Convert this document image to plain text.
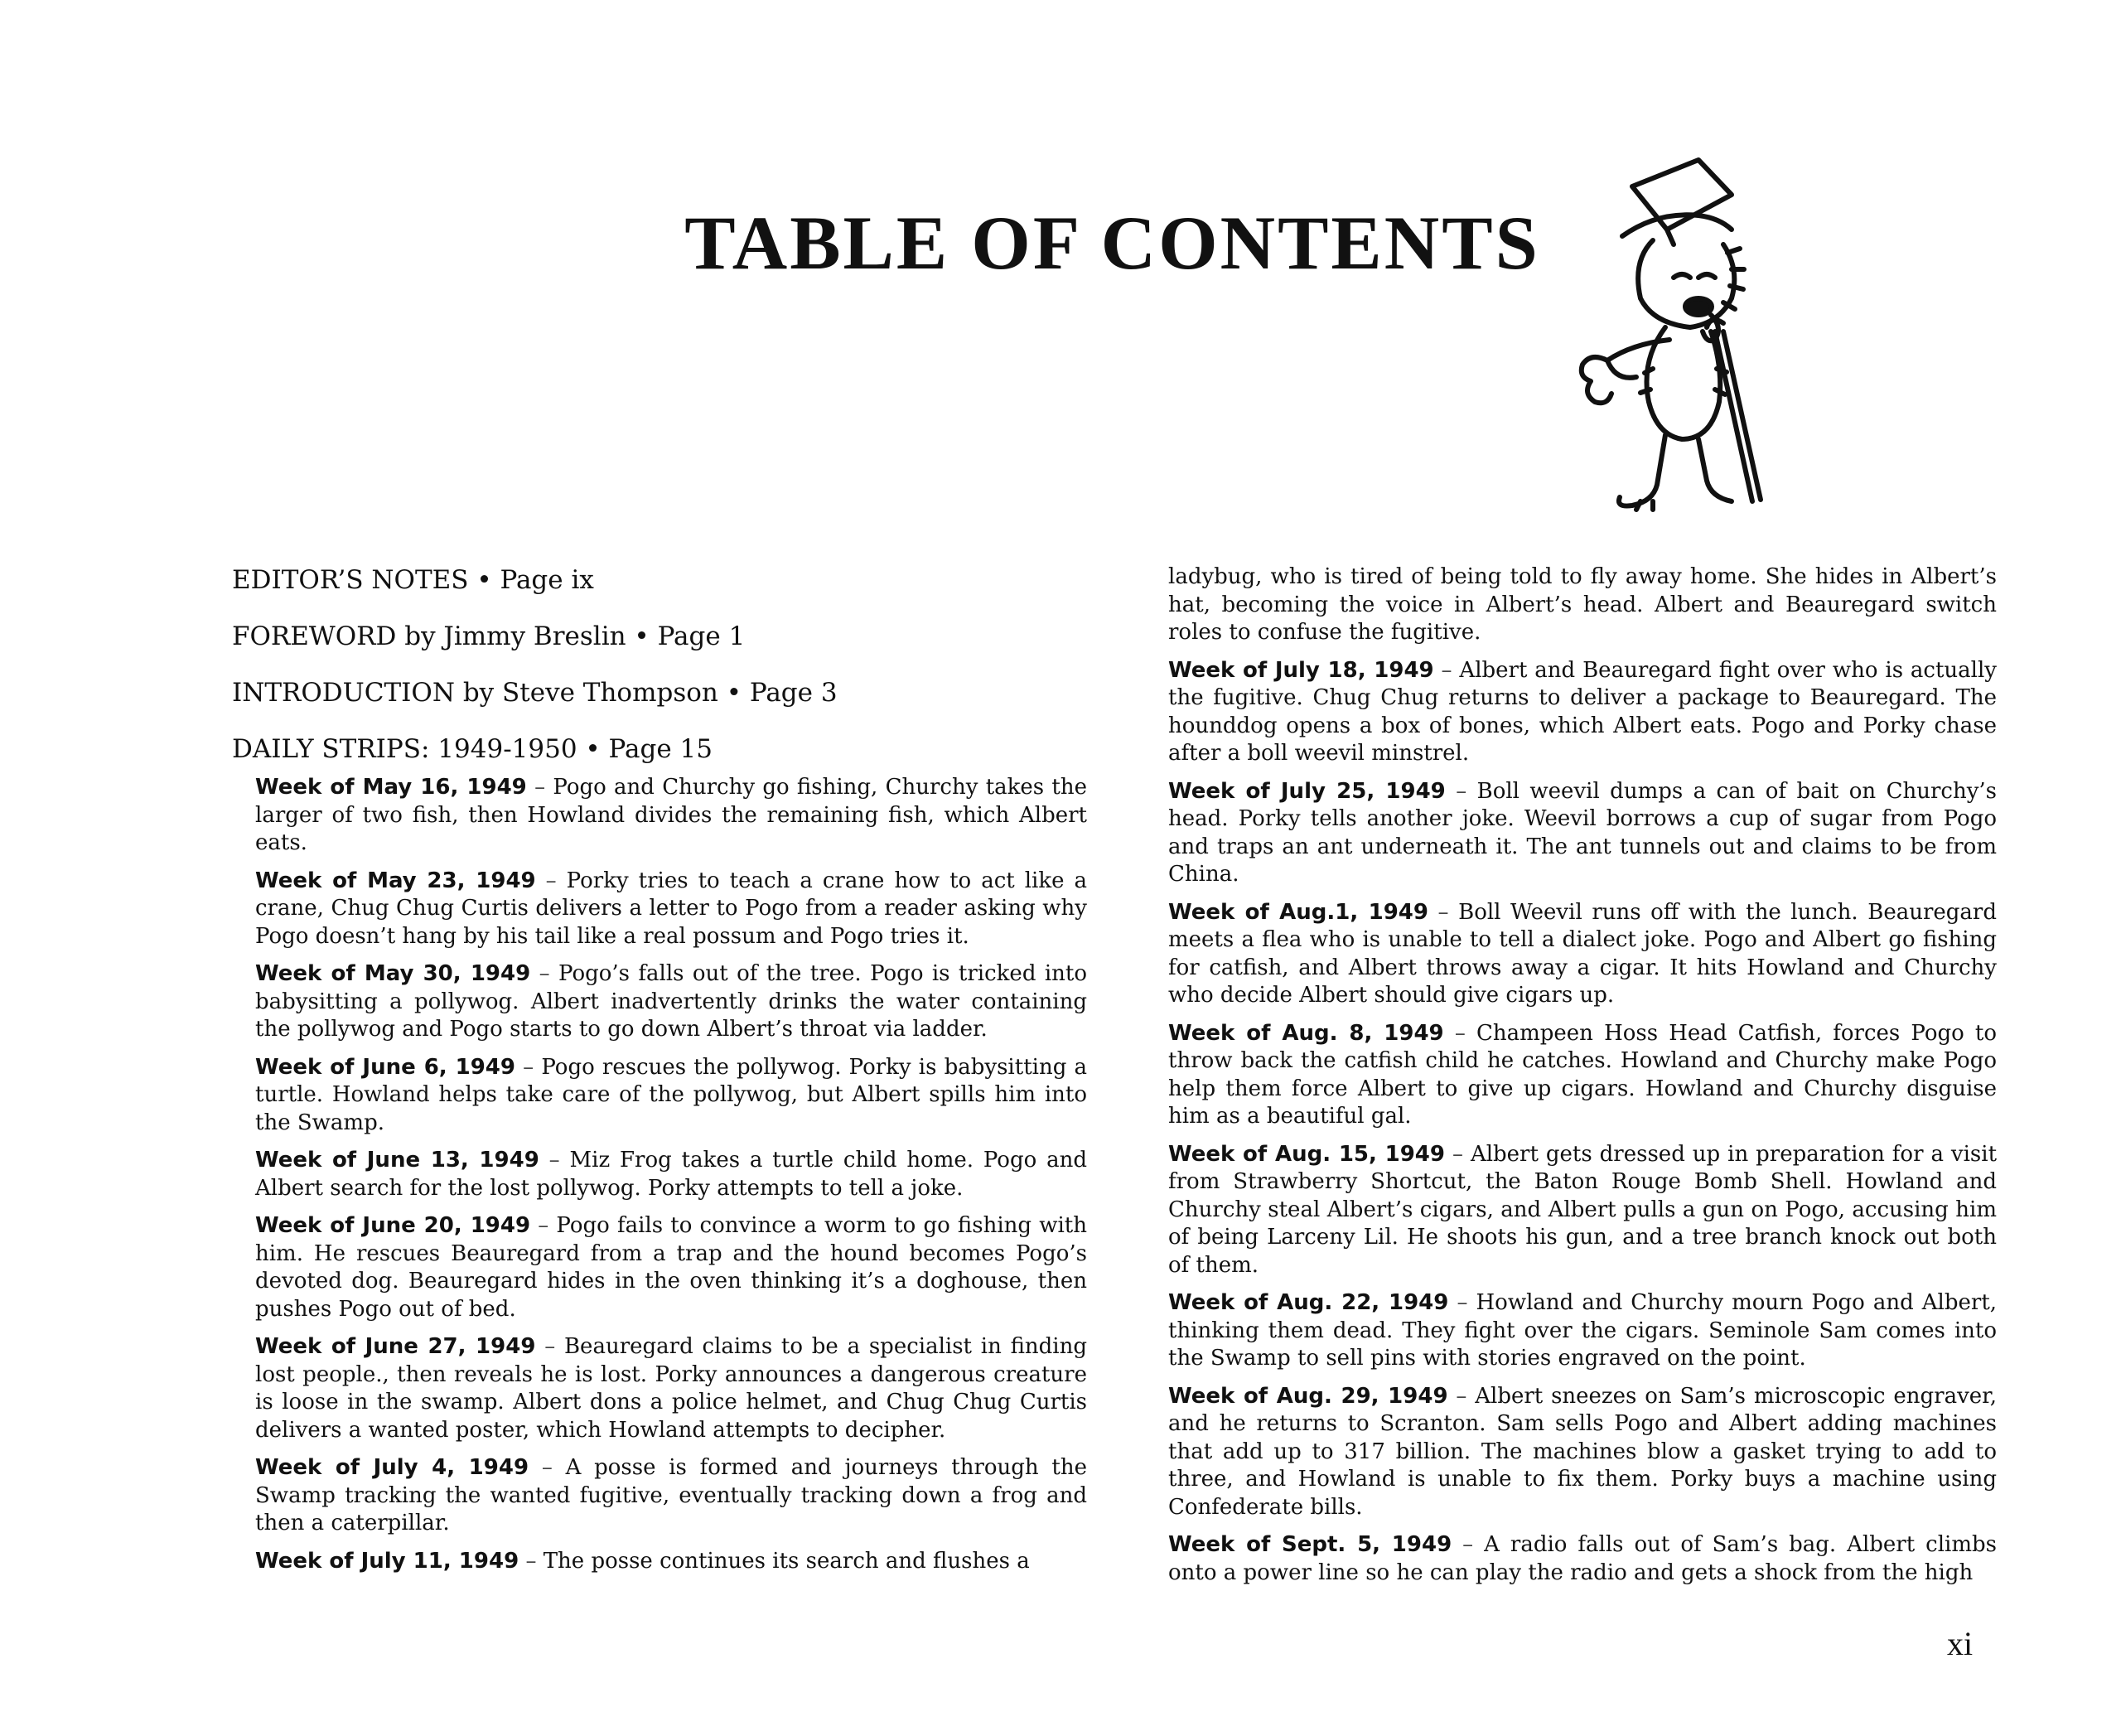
TABLE OF CONTENTS

EDITOR’S NOTES • Page ix

FOREWORD by Jimmy Breslin • Page 1

INTRODUCTION by Steve Thompson • Page 3

DAILY STRIPS: 1949-1950 • Page 15

Week of May 16, 1949 – Pogo and Churchy go fishing, Churchy takes the larger of two fish, then Howland divides the remaining fish, which Albert eats.

Week of May 23, 1949 – Porky tries to teach a crane how to act like a crane, Chug Chug Curtis delivers a letter to Pogo from a reader asking why Pogo doesn’t hang by his tail like a real possum and Pogo tries it.

Week of May 30, 1949 – Pogo’s falls out of the tree. Pogo is tricked into babysitting a pollywog. Albert inadvertently drinks the water containing the pollywog and Pogo starts to go down Albert’s throat via ladder.

Week of June 6, 1949 – Pogo rescues the pollywog. Porky is babysitting a turtle. Howland helps take care of the pollywog, but Albert spills him into the Swamp.

Week of June 13, 1949 – Miz Frog takes a turtle child home. Pogo and Albert search for the lost pollywog. Porky attempts to tell a joke.

Week of June 20, 1949 – Pogo fails to convince a worm to go fishing with him. He rescues Beauregard from a trap and the hound becomes Pogo’s devoted dog. Beauregard hides in the oven thinking it’s a doghouse, then pushes Pogo out of bed.

Week of June 27, 1949 – Beauregard claims to be a specialist in finding lost people., then reveals he is lost. Porky announces a dangerous creature is loose in the swamp. Albert dons a police helmet, and Chug Chug Curtis delivers a wanted poster, which Howland attempts to decipher.

Week of July 4, 1949 – A posse is formed and journeys through the Swamp tracking the wanted fugitive, eventually tracking down a frog and then a caterpillar.

Week of July 11, 1949 – The posse continues its search and flushes a

ladybug, who is tired of being told to fly away home. She hides in Albert’s hat, becoming the voice in Albert’s head. Albert and Beauregard switch roles to confuse the fugitive.

Week of July 18, 1949 – Albert and Beauregard fight over who is actually the fugitive. Chug Chug returns to deliver a package to Beauregard. The hounddog opens a box of bones, which Albert eats. Pogo and Porky chase after a boll weevil minstrel.

Week of July 25, 1949 – Boll weevil dumps a can of bait on Churchy’s head. Porky tells another joke. Weevil borrows a cup of sugar from Pogo and traps an ant underneath it. The ant tunnels out and claims to be from China.

Week of Aug.1, 1949 – Boll Weevil runs off with the lunch. Beauregard meets a flea who is unable to tell a dialect joke. Pogo and Albert go fishing for catfish, and Albert throws away a cigar. It hits Howland and Churchy who decide Albert should give cigars up.

Week of Aug. 8, 1949 – Champeen Hoss Head Catfish, forces Pogo to throw back the catfish child he catches. Howland and Churchy make Pogo help them force Albert to give up cigars. Howland and Churchy disguise him as a beautiful gal.

Week of Aug. 15, 1949 – Albert gets dressed up in preparation for a visit from Strawberry Shortcut, the Baton Rouge Bomb Shell. Howland and Churchy steal Albert’s cigars, and Albert pulls a gun on Pogo, accusing him of being Larceny Lil. He shoots his gun, and a tree branch knock out both of them.

Week of Aug. 22, 1949 – Howland and Churchy mourn Pogo and Albert, thinking them dead. They fight over the cigars. Seminole Sam comes into the Swamp to sell pins with stories engraved on the point.

Week of Aug. 29, 1949 – Albert sneezes on Sam’s microscopic engraver, and he returns to Scranton. Sam sells Pogo and Albert adding machines that add up to 317 billion. The machines blow a gasket trying to add to three, and Howland is unable to fix them. Porky buys a machine using Confederate bills.

Week of Sept. 5, 1949 – A radio falls out of Sam’s bag. Albert climbs onto a power line so he can play the radio and gets a shock from the high

xi
